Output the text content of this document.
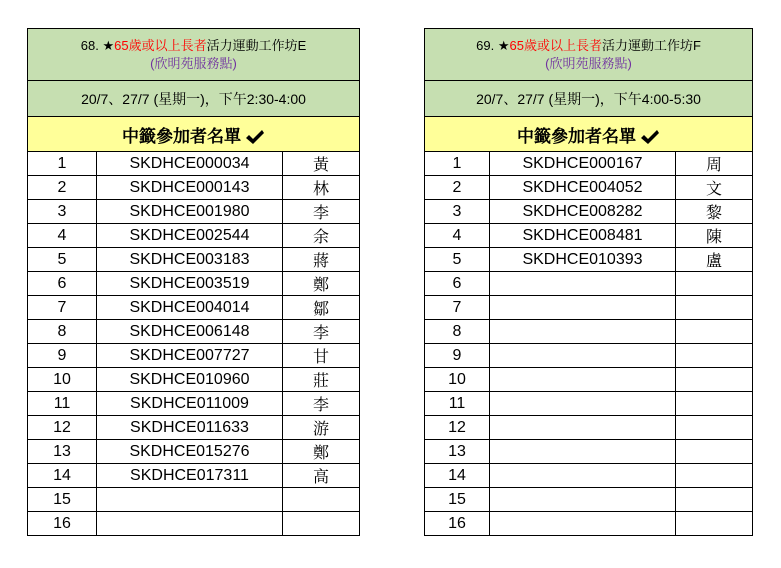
68. ★65歲或以上長者活力運動工作坊E
(欣明苑服務點)		

20/7、27/7 (星期一)，下午2:30-4:00		
中籤參加者名單		
1	SKDHCE000034	黃
2	SKDHCE000143	林
3	SKDHCE001980	李
4	SKDHCE002544	余
5	SKDHCE003183	蔣
6	SKDHCE003519	鄭
7	SKDHCE004014	鄒
8	SKDHCE006148	李
9	SKDHCE007727	甘
10	SKDHCE010960	莊
11	SKDHCE011009	李
12	SKDHCE011633	游
13	SKDHCE015276	鄭
14	SKDHCE017311	高
15		
16		
69. ★65歲或以上長者活力運動工作坊F
(欣明苑服務點)		

20/7、27/7 (星期一)，下午4:00-5:30		
中籤參加者名單		
1	SKDHCE000167	周
2	SKDHCE004052	文
3	SKDHCE008282	黎
4	SKDHCE008481	陳
5	SKDHCE010393	盧
6		
7		
8		
9		
10		
11		
12		
13		
14		
15		
16		
